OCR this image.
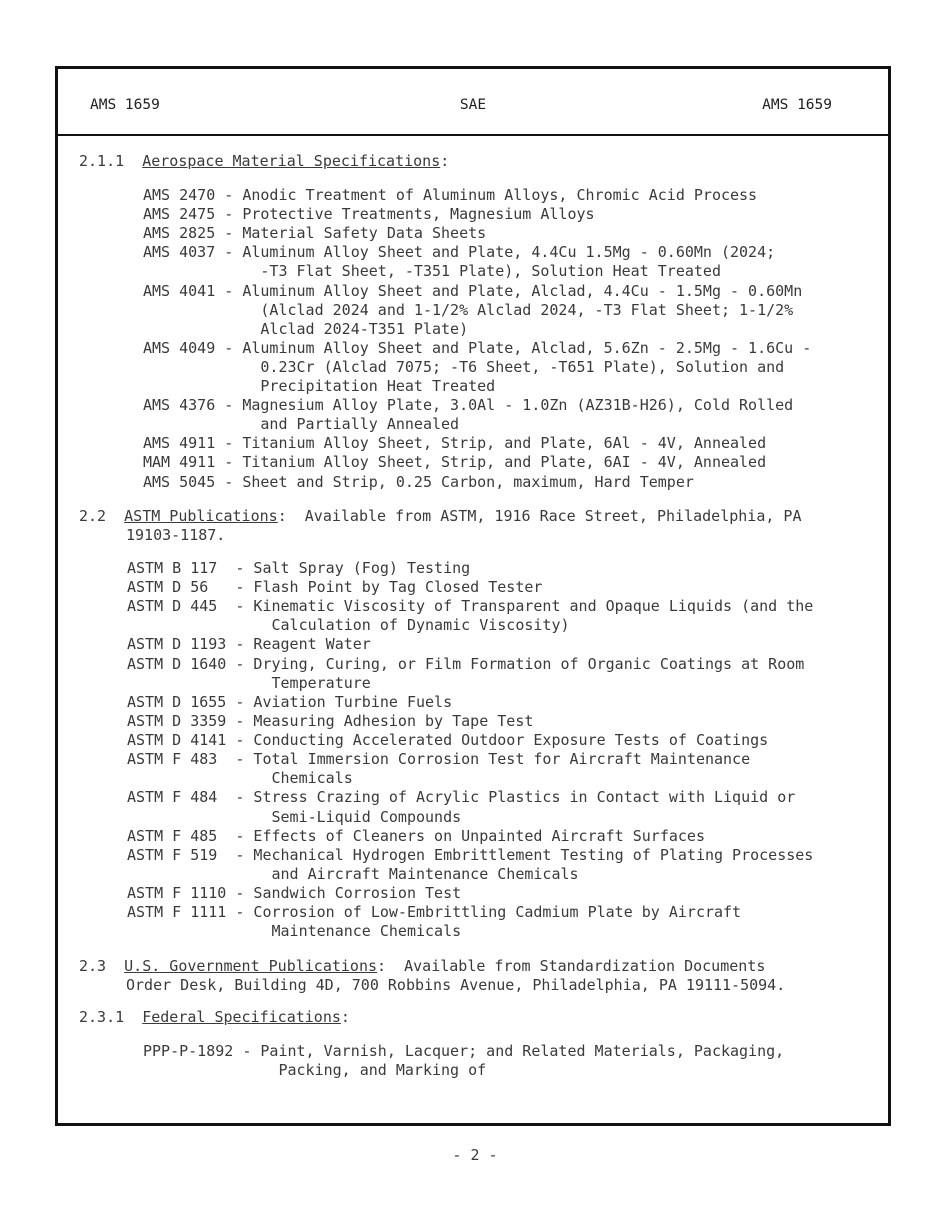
AMS 1659	SAE	AMS 1659
2.1.1 Aerospace Material Specifications:
AMS 2470 - Anodic Treatment of Aluminum Alloys, Chromic Acid Process
AMS 2475 - Protective Treatments, Magnesium Alloys
AMS 2825 - Material Safety Data Sheets
AMS 4037 - Aluminum Alloy Sheet and Plate, 4.4Cu 1.5Mg - 0.60Mn (2024;
-T3 Flat Sheet, -T351 Plate), Solution Heat Treated
AMS 4041 - Aluminum Alloy Sheet and Plate, Alclad, 4.4Cu - 1.5Mg - 0.60Mn
(Alclad 2024 and 1-1/2% Alclad 2024, -T3 Flat Sheet; 1-1/2%
Alclad 2024-T351 Plate)
AMS 4049 - Aluminum Alloy Sheet and Plate, Alclad, 5.6Zn - 2.5Mg - 1.6Cu -
0.23Cr (Alclad 7075; -T6 Sheet, -T651 Plate), Solution and
Precipitation Heat Treated
AMS 4376 - Magnesium Alloy Plate, 3.0Al - 1.0Zn (AZ31B-H26), Cold Rolled
and Partially Annealed
AMS 4911 - Titanium Alloy Sheet, Strip, and Plate, 6Al - 4V, Annealed
MAM 4911 - Titanium Alloy Sheet, Strip, and Plate, 6AI - 4V, Annealed
AMS 5045 - Sheet and Strip, 0.25 Carbon, maximum, Hard Temper
2.2 ASTM Publications:  Available from ASTM, 1916 Race Street, Philadelphia, PA
19103-1187.
ASTM B 117  - Salt Spray (Fog) Testing
ASTM D 56   - Flash Point by Tag Closed Tester
ASTM D 445  - Kinematic Viscosity of Transparent and Opaque Liquids (and the
Calculation of Dynamic Viscosity)
ASTM D 1193 - Reagent Water
ASTM D 1640 - Drying, Curing, or Film Formation of Organic Coatings at Room
Temperature
ASTM D 1655 - Aviation Turbine Fuels
ASTM D 3359 - Measuring Adhesion by Tape Test
ASTM D 4141 - Conducting Accelerated Outdoor Exposure Tests of Coatings
ASTM F 483  - Total Immersion Corrosion Test for Aircraft Maintenance
Chemicals
ASTM F 484  - Stress Crazing of Acrylic Plastics in Contact with Liquid or
Semi-Liquid Compounds
ASTM F 485  - Effects of Cleaners on Unpainted Aircraft Surfaces
ASTM F 519  - Mechanical Hydrogen Embrittlement Testing of Plating Processes
and Aircraft Maintenance Chemicals
ASTM F 1110 - Sandwich Corrosion Test
ASTM F 1111 - Corrosion of Low-Embrittling Cadmium Plate by Aircraft
Maintenance Chemicals
2.3 U.S. Government Publications:  Available from Standardization Documents
Order Desk, Building 4D, 700 Robbins Avenue, Philadelphia, PA 19111-5094.
2.3.1 Federal Specifications:
PPP-P-1892 - Paint, Varnish, Lacquer; and Related Materials, Packaging,
Packing, and Marking of
- 2 -
